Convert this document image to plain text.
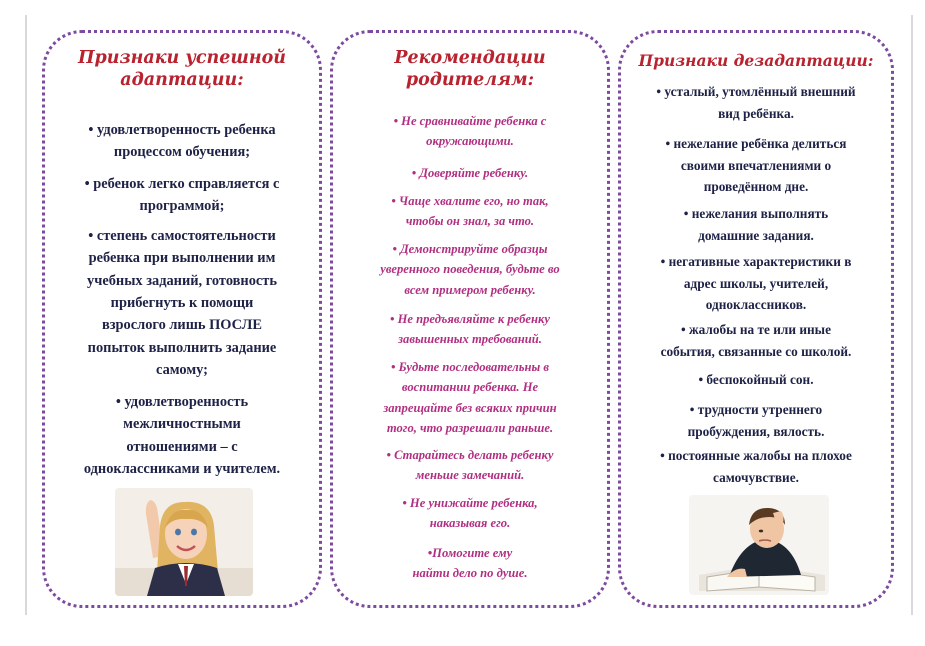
Признаки успешной
адаптации:
• удовлетворенность ребенка
процессом обучения;
• ребенок легко справляется с
программой;
• степень самостоятельности
ребенка при выполнении им
учебных заданий, готовность
прибегнуть к помощи
взрослого лишь ПОСЛЕ
попыток выполнить задание
самому;
• удовлетворенность
межличностными
отношениями – с
одноклассниками и учителем.
Рекомендации
родителям:
• Не сравнивайте ребенка с
окружающими.
• Доверяйте ребенку.
• Чаще хвалите его, но так,
чтобы он знал, за что.
• Демонстрируйте образцы
уверенного поведения, будьте во
всем примером ребенку.
• Не предъявляйте к ребенку
завышенных требований.
• Будьте последовательны в
воспитании ребенка. Не
запрещайте без всяких причин
того, что разрешали раньше.
• Старайтесь делать ребенку
меньше замечаний.
• Не унижайте ребенка,
наказывая его.
•Помогите ему
найти дело по душе.
Признаки дезадаптации:
• усталый, утомлённый внешний
вид ребёнка.
• нежелание ребёнка делиться
своими впечатлениями о
проведённом дне.
• нежелания выполнять
домашние задания.
• негативные характеристики в
адрес школы, учителей,
одноклассников.
• жалобы на те или иные
события, связанные со школой.
• беспокойный сон.
• трудности утреннего
пробуждения, вялость.
• постоянные жалобы на плохое
самочувствие.
